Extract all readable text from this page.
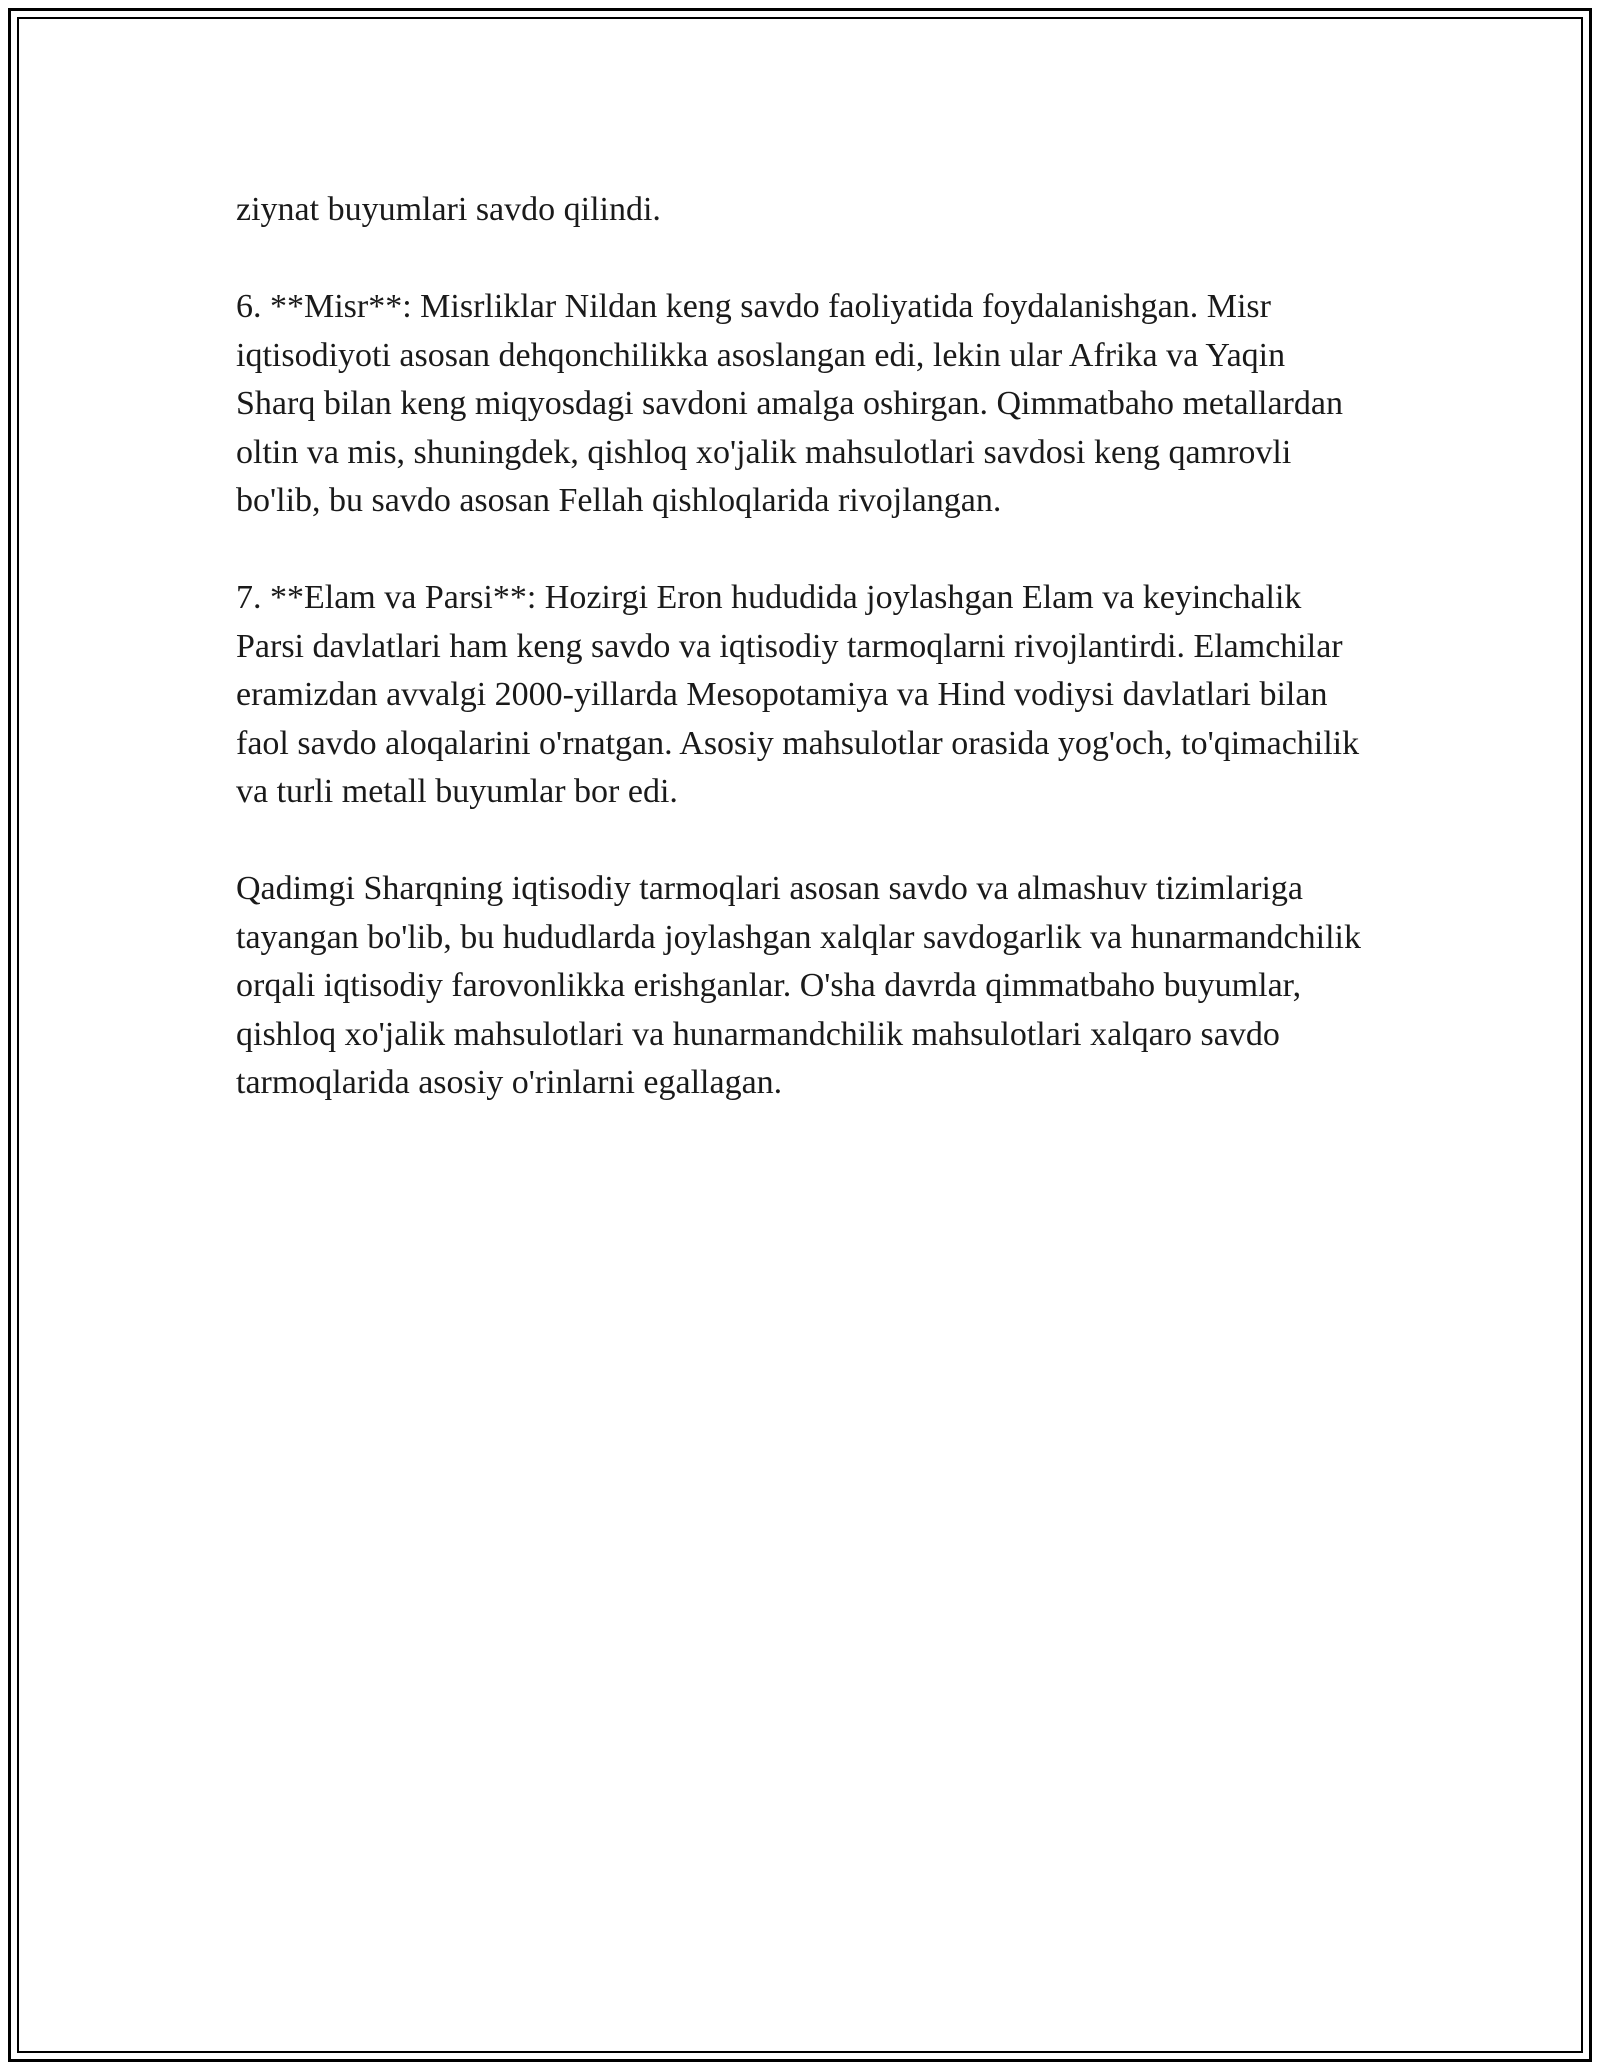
ziynat buyumlari savdo qilindi.

6. **Misr**: Misrliklar Nildan keng savdo faoliyatida foydalanishgan. Misr iqtisodiyoti asosan dehqonchilikka asoslangan edi, lekin ular Afrika va Yaqin Sharq bilan keng miqyosdagi savdoni amalga oshirgan. Qimmatbaho metallardan oltin va mis, shuningdek, qishloq xo'jalik mahsulotlari savdosi keng qamrovli bo'lib, bu savdo asosan Fellah qishloqlarida rivojlangan.

7. **Elam va Parsi**: Hozirgi Eron hududida joylashgan Elam va keyinchalik Parsi davlatlari ham keng savdo va iqtisodiy tarmoqlarni rivojlantirdi. Elamchilar eramizdan avvalgi 2000-yillarda Mesopotamiya va Hind vodiysi davlatlari bilan faol savdo aloqalarini o'rnatgan. Asosiy mahsulotlar orasida yog'och, to'qimachilik va turli metall buyumlar bor edi.

Qadimgi Sharqning iqtisodiy tarmoqlari asosan savdo va almashuv tizimlariga tayangan bo'lib, bu hududlarda joylashgan xalqlar savdogarlik va hunarmandchilik orqali iqtisodiy farovonlikka erishganlar. O'sha davrda qimmatbaho buyumlar, qishloq xo'jalik mahsulotlari va hunarmandchilik mahsulotlari xalqaro savdo tarmoqlarida asosiy o'rinlarni egallagan.
